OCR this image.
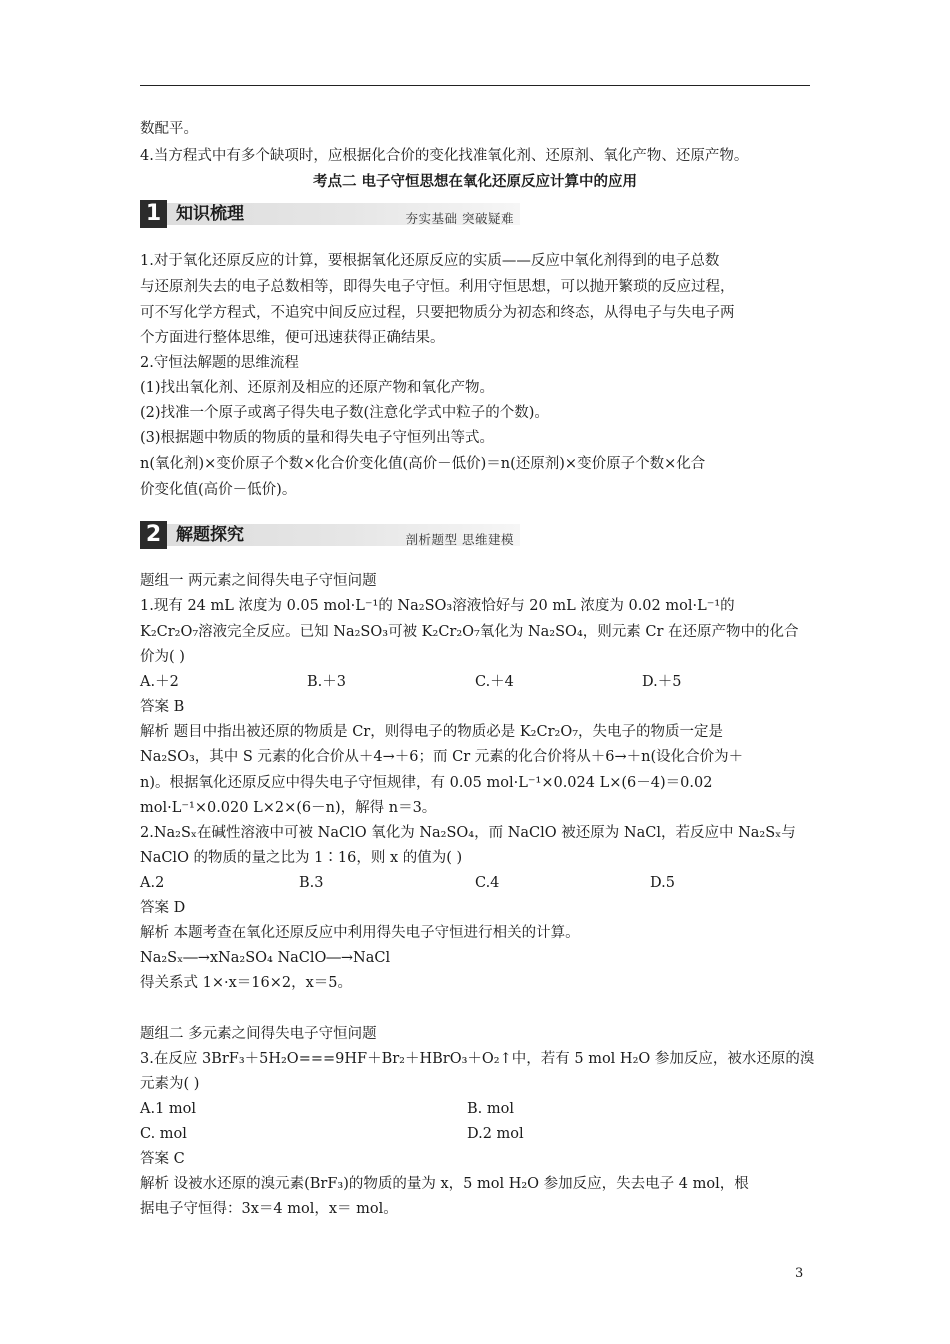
数配平。
4.当方程式中有多个缺项时，应根据化合价的变化找准氧化剂、还原剂、氧化产物、还原产物。
考点二 电子守恒思想在氧化还原反应计算中的应用
1 知识梳理	夯实基础 突破疑难
1.对于氧化还原反应的计算，要根据氧化还原反应的实质——反应中氧化剂得到的电子总数
与还原剂失去的电子总数相等，即得失电子守恒。利用守恒思想，可以抛开繁琐的反应过程，
可不写化学方程式，不追究中间反应过程，只要把物质分为初态和终态，从得电子与失电子两
个方面进行整体思维，便可迅速获得正确结果。
2.守恒法解题的思维流程
(1)找出氧化剂、还原剂及相应的还原产物和氧化产物。
(2)找准一个原子或离子得失电子数(注意化学式中粒子的个数)。
(3)根据题中物质的物质的量和得失电子守恒列出等式。
n(氧化剂)×变价原子个数×化合价变化值(高价－低价)＝n(还原剂)×变价原子个数×化合
价变化值(高价－低价)。
2 解题探究	剖析题型 思维建模
题组一 两元素之间得失电子守恒问题
1.现有 24 mL 浓度为 0.05 mol·L⁻¹的 Na₂SO₃溶液恰好与 20 mL 浓度为 0.02 mol·L⁻¹的
K₂Cr₂O₇溶液完全反应。已知 Na₂SO₃可被 K₂Cr₂O₇氧化为 Na₂SO₄，则元素 Cr 在还原产物中的化合
价为( )
A.＋2	B.＋3	C.＋4	D.＋5
答案 B
解析 题目中指出被还原的物质是 Cr，则得电子的物质必是 K₂Cr₂O₇，失电子的物质一定是
Na₂SO₃，其中 S 元素的化合价从＋4→＋6；而 Cr 元素的化合价将从＋6→＋n(设化合价为＋
n)。根据氧化还原反应中得失电子守恒规律，有 0.05 mol·L⁻¹×0.024 L×(6－4)＝0.02
mol·L⁻¹×0.020 L×2×(6－n)，解得 n＝3。
2.Na₂Sₓ在碱性溶液中可被 NaClO 氧化为 Na₂SO₄，而 NaClO 被还原为 NaCl，若反应中 Na₂Sₓ与
NaClO 的物质的量之比为 1∶16，则 x 的值为( )
A.2	B.3	C.4	D.5
答案 D
解析 本题考查在氧化还原反应中利用得失电子守恒进行相关的计算。
Na₂Sₓ―→xNa₂SO₄ NaClO―→NaCl
得关系式 1×·x＝16×2，x＝5。
题组二 多元素之间得失电子守恒问题
3.在反应 3BrF₃＋5H₂O===9HF＋Br₂＋HBrO₃＋O₂↑中，若有 5 mol H₂O 参加反应，被水还原的溴
元素为( )
A.1 mol	B. mol
C. mol	D.2 mol
答案 C
解析 设被水还原的溴元素(BrF₃)的物质的量为 x，5 mol H₂O 参加反应，失去电子 4 mol，根
据电子守恒得：3x＝4 mol，x＝ mol。
3
